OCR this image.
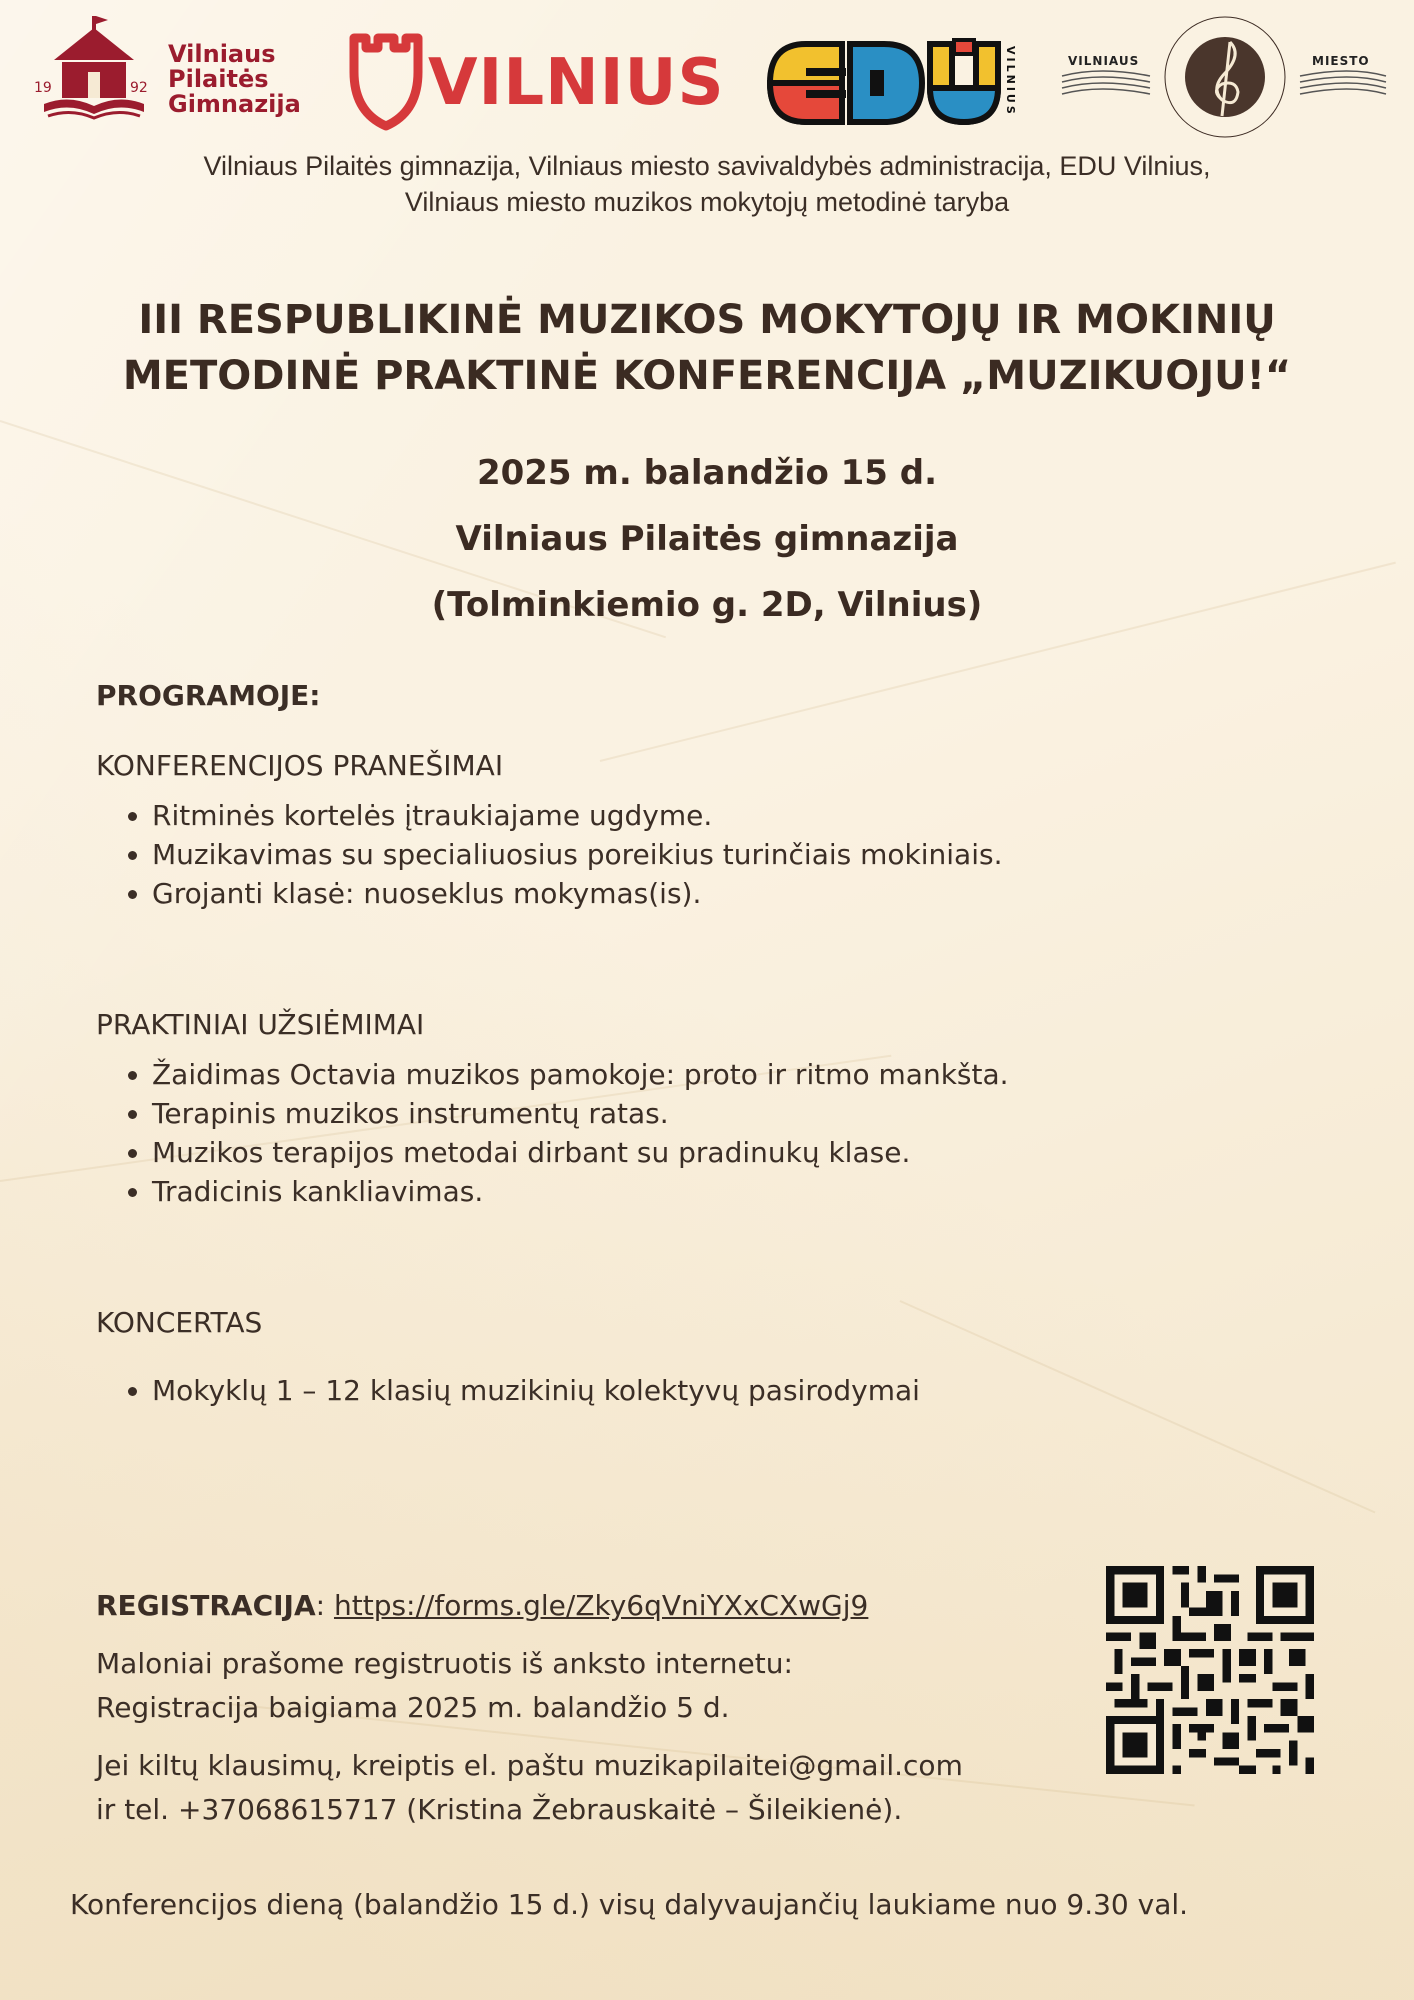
19	92
Vilniaus
Pilaitės
Gimnazija VILNIUS	VILNIUS	VILNIAUS	MIESTO
Vilniaus Pilaitės gimnazija, Vilniaus miesto savivaldybės administracija, EDU Vilnius,
Vilniaus miesto muzikos mokytojų metodinė taryba
III RESPUBLIKINĖ MUZIKOS MOKYTOJŲ IR MOKINIŲ
METODINĖ PRAKTINĖ KONFERENCIJA „MUZIKUOJU!“
2025 m. balandžio 15 d.
Vilniaus Pilaitės gimnazija
(Tolminkiemio g. 2D, Vilnius)
PROGRAMOJE:
KONFERENCIJOS PRANEŠIMAI
• Ritminės kortelės įtraukiajame ugdyme.
• Muzikavimas su specialiuosius poreikius turinčiais mokiniais.
• Grojanti klasė: nuoseklus mokymas(is).
PRAKTINIAI UŽSIĖMIMAI
• Žaidimas Octavia muzikos pamokoje: proto ir ritmo mankšta.
• Terapinis muzikos instrumentų ratas.
• Muzikos terapijos metodai dirbant su pradinukų klase.
• Tradicinis kankliavimas.
KONCERTAS
• Mokyklų 1 – 12 klasių muzikinių kolektyvų pasirodymai
REGISTRACIJA: https://forms.gle/Zky6qVniYXxCXwGj9
Maloniai prašome registruotis iš anksto internetu:
Registracija baigiama 2025 m. balandžio 5 d.
Jei kiltų klausimų, kreiptis el. paštu muzikapilaitei@gmail.com
ir tel. +37068615717 (Kristina Žebrauskaitė – Šileikienė).
Konferencijos dieną (balandžio 15 d.) visų dalyvaujančių laukiame nuo 9.30 val.
